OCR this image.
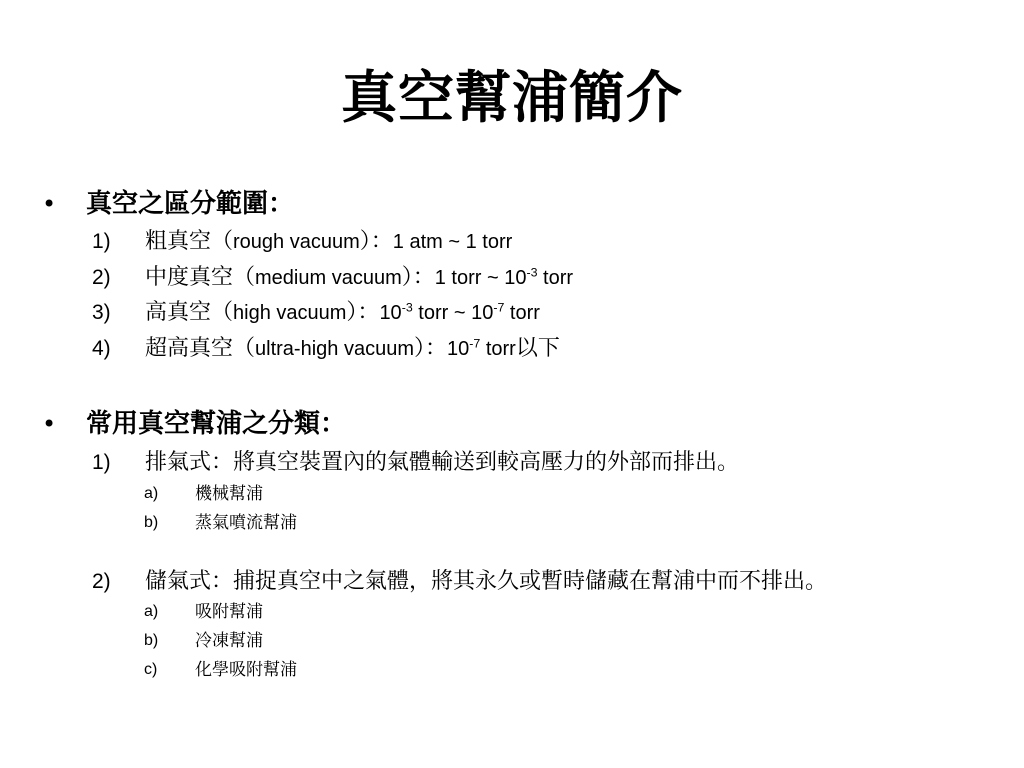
真空幫浦簡介
• 真空之區分範圍：
1) 粗真空（rough vacuum）：1 atm ~ 1 torr
2) 中度真空（medium vacuum）：1 torr ~ $10^{-3}$ torr
3) 高真空（high vacuum）：$10^{-3}$ torr ~ $10^{-7}$ torr
4) 超高真空（ultra-high vacuum）：$10^{-7}$ torr以下
• 常用真空幫浦之分類：
1) 排氣式：將真空裝置內的氣體輸送到較高壓力的外部而排出。
a) 機械幫浦
b) 蒸氣噴流幫浦
2) 儲氣式：捕捉真空中之氣體，將其永久或暫時儲藏在幫浦中而不排出。
a) 吸附幫浦
b) 冷凍幫浦
c) 化學吸附幫浦
